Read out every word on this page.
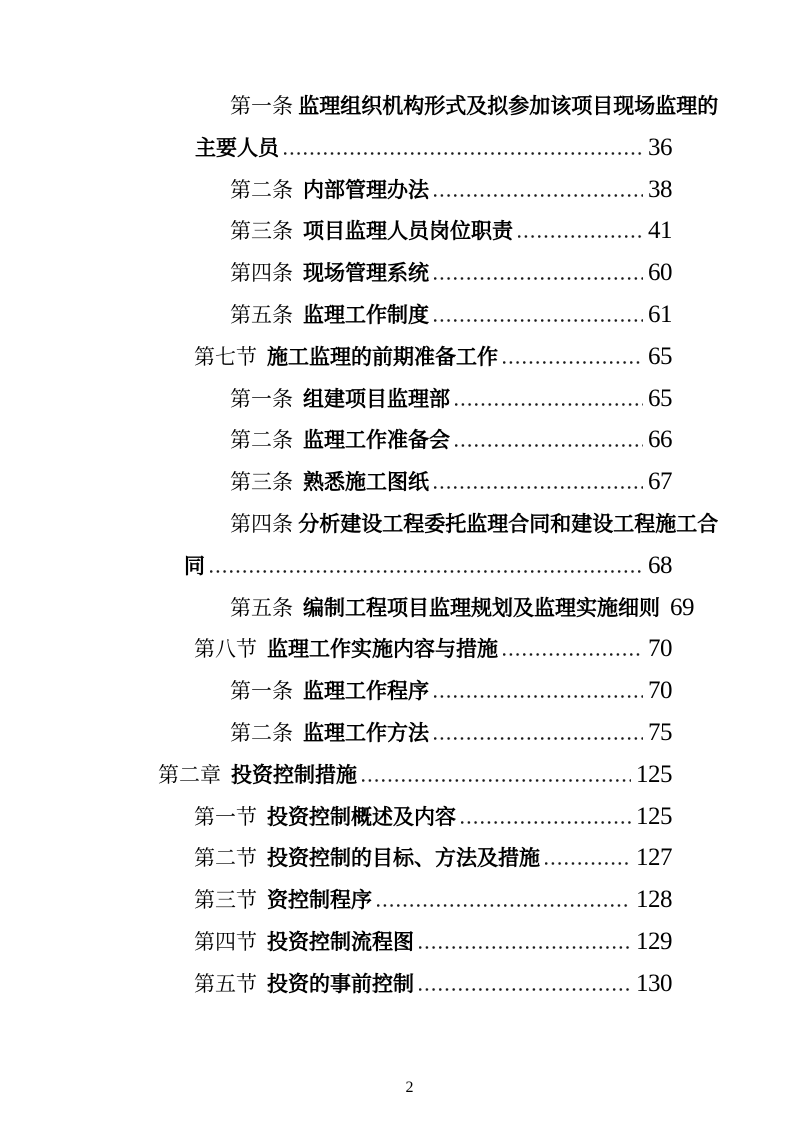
第一条 监理组织机构形式及拟参加该项目现场监理的
主要人员	36
第二条 内部管理办法	38
第三条 项目监理人员岗位职责	41
第四条 现场管理系统	60
第五条 监理工作制度	61
第七节 施工监理的前期准备工作	65
第一条 组建项目监理部	65
第二条 监理工作准备会	66
第三条 熟悉施工图纸	67
第四条 分析建设工程委托监理合同和建设工程施工合
同	68
第五条 编制工程项目监理规划及监理实施细则 69
第八节 监理工作实施内容与措施	70
第一条 监理工作程序	70
第二条 监理工作方法	75
第二章 投资控制措施	125
第一节 投资控制概述及内容	125
第二节 投资控制的目标、方法及措施	127
第三节 资控制程序	128
第四节 投资控制流程图	129
第五节 投资的事前控制	130
2
